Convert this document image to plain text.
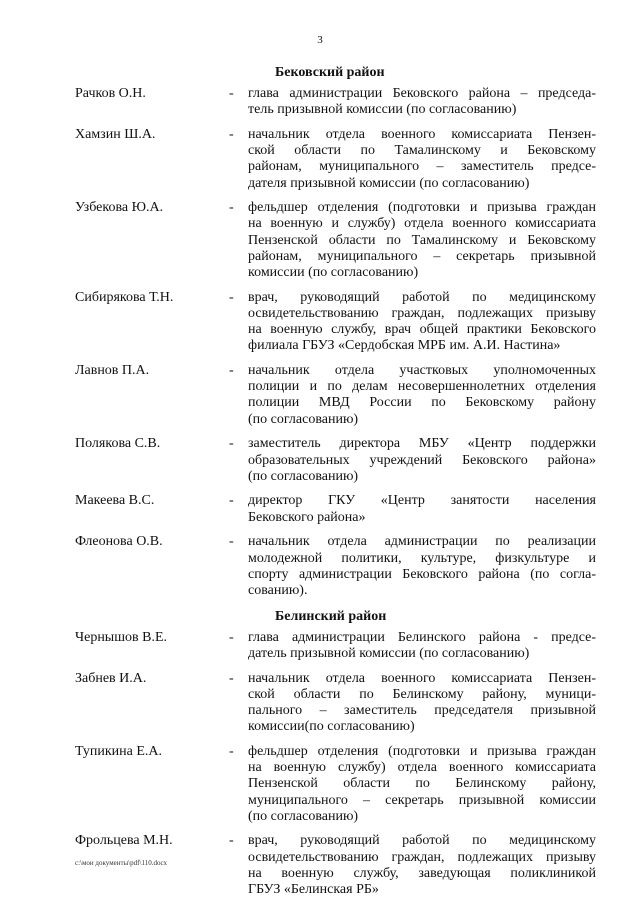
3
Бековский район
Рачков О.Н.	-	глава администрации Бековского района – председа-
тель призывной комиссии (по согласованию)
Хамзин Ш.А.	-	начальник отдела военного комиссариата Пензен-
ской области по Тамалинскому и Бековскому
районам, муниципального – заместитель предсе-
дателя призывной комиссии (по согласованию)
Узбекова Ю.А.	-	фельдшер отделения (подготовки и призыва граждан
на военную и службу) отдела военного комиссариата
Пензенской области по Тамалинскому и Бековскому
районам, муниципального – секретарь призывной
комиссии (по согласованию)
Сибирякова Т.Н.	-	врач, руководящий работой по медицинскому
освидетельствованию граждан, подлежащих призыву
на военную службу, врач общей практики Бековского
филиала ГБУЗ «Сердобская МРБ им. А.И. Настина»
Лавнов П.А.	-	начальник отдела участковых уполномоченных
полиции и по делам несовершеннолетних отделения
полиции МВД России по Бековскому району
(по согласованию)
Полякова С.В.	-	заместитель директора МБУ «Центр поддержки
образовательных учреждений Бековского района»
(по согласованию)
Макеева В.С.	-	директор ГКУ «Центр занятости населения
Бековского района»
Флеонова О.В.	-	начальник отдела администрации по реализации
молодежной политики, культуре, физкультуре и
спорту администрации Бековского района (по согла-
сованию).
Белинский район
Чернышов В.Е.	-	глава администрации Белинского района - предсе-
датель призывной комиссии (по согласованию)
Забнев И.А.	-	начальник отдела военного комиссариата Пензен-
ской области по Белинскому району, муници-
пального – заместитель председателя призывной
комиссии(по согласованию)
Тупикина Е.А.	-	фельдшер отделения (подготовки и призыва граждан
на военную службу) отдела военного комиссариата
Пензенской области по Белинскому району,
муниципального – секретарь призывной комиссии
(по согласованию)
Фрольцева М.Н.	-	врач, руководящий работой по медицинскому
освидетельствованию граждан, подлежащих призыву
на военную службу, заведующая поликлиникой
ГБУЗ «Белинская РБ»
c:\мои документы\pdf\110.docx
